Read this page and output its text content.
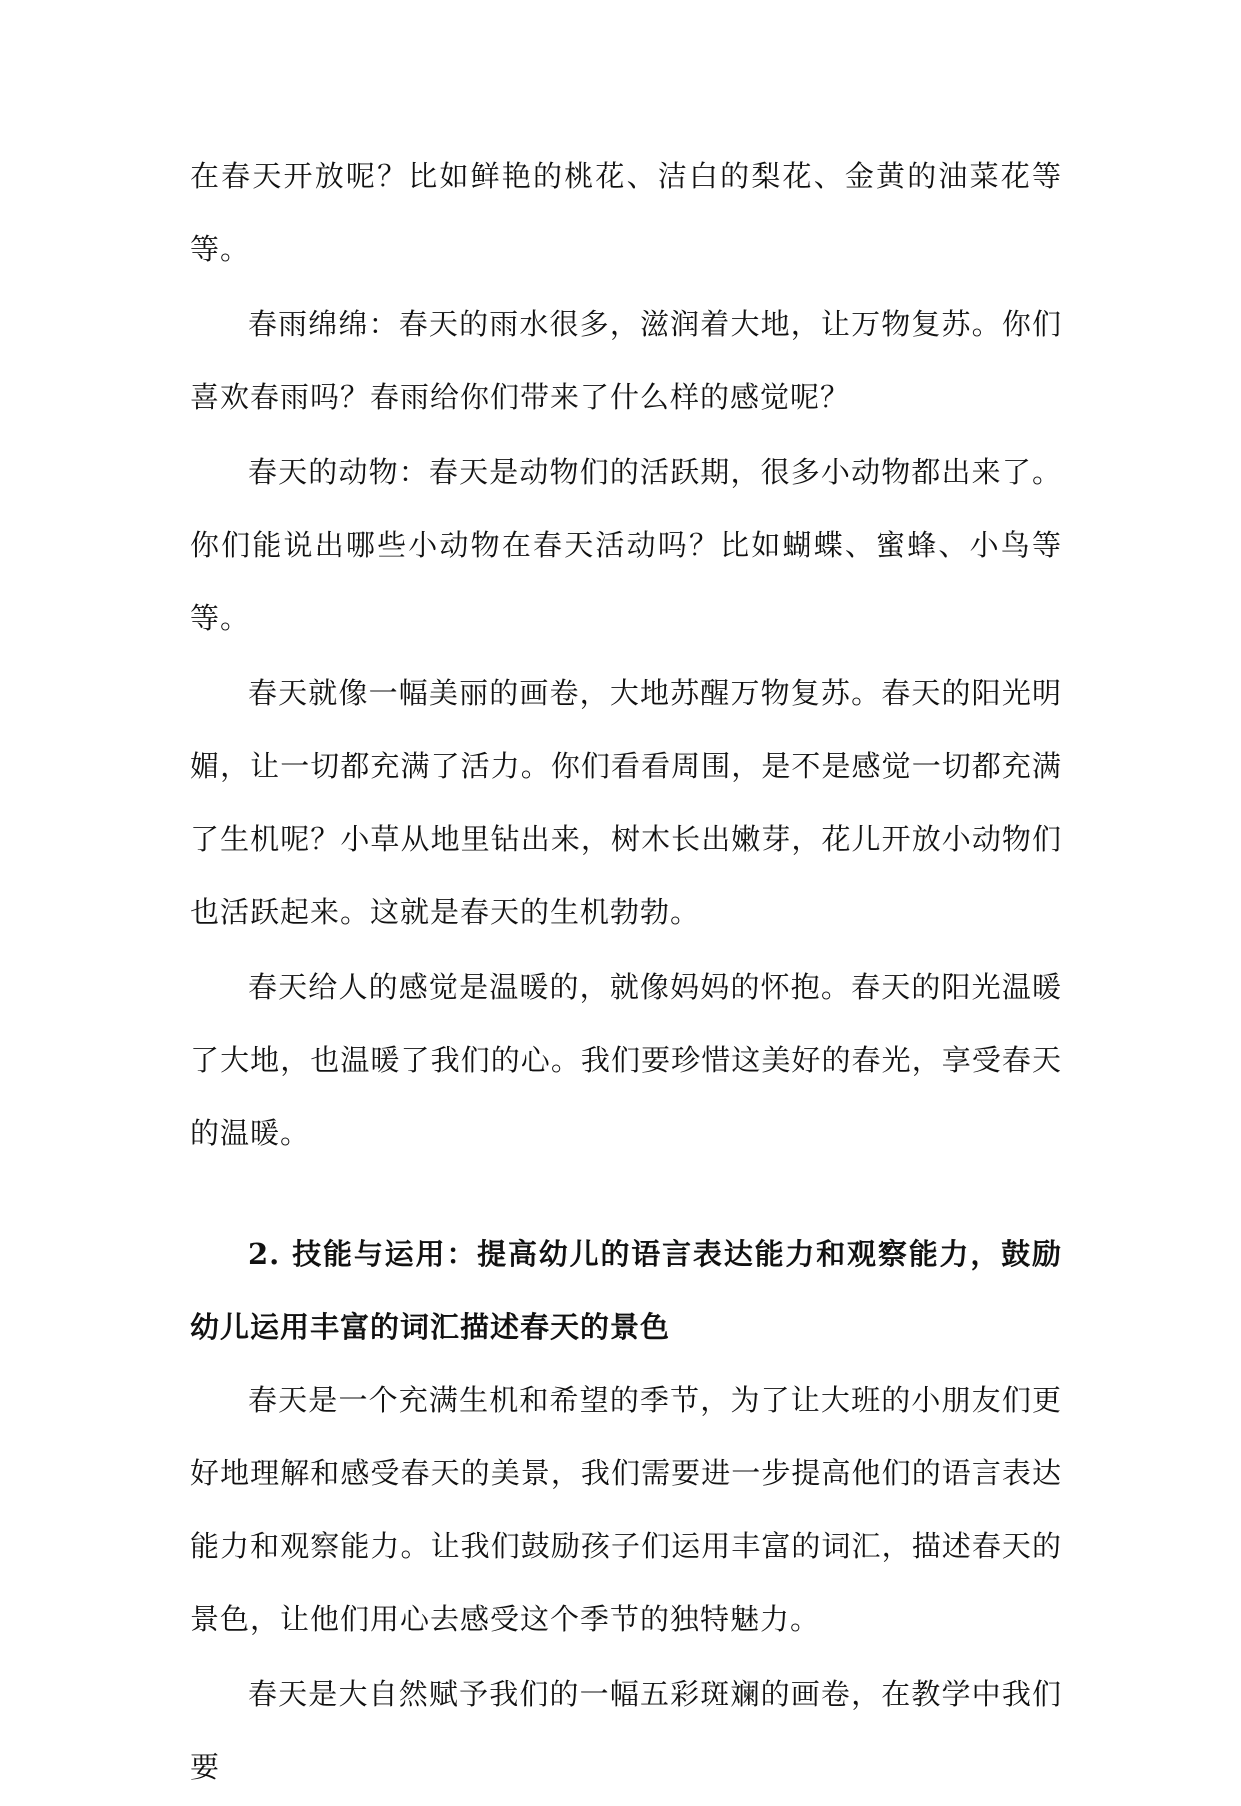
在春天开放呢？比如鲜艳的桃花、洁白的梨花、金黄的油菜花等等。

春雨绵绵：春天的雨水很多，滋润着大地，让万物复苏。你们喜欢春雨吗？春雨给你们带来了什么样的感觉呢？

春天的动物：春天是动物们的活跃期，很多小动物都出来了。你们能说出哪些小动物在春天活动吗？比如蝴蝶、蜜蜂、小鸟等等。

春天就像一幅美丽的画卷，大地苏醒万物复苏。春天的阳光明媚，让一切都充满了活力。你们看看周围，是不是感觉一切都充满了生机呢？小草从地里钻出来，树木长出嫩芽，花儿开放小动物们也活跃起来。这就是春天的生机勃勃。

春天给人的感觉是温暖的，就像妈妈的怀抱。春天的阳光温暖了大地，也温暖了我们的心。我们要珍惜这美好的春光，享受春天的温暖。

2. 技能与运用：提高幼儿的语言表达能力和观察能力，鼓励幼儿运用丰富的词汇描述春天的景色

春天是一个充满生机和希望的季节，为了让大班的小朋友们更好地理解和感受春天的美景，我们需要进一步提高他们的语言表达能力和观察能力。让我们鼓励孩子们运用丰富的词汇，描述春天的景色，让他们用心去感受这个季节的独特魅力。

春天是大自然赋予我们的一幅五彩斑斓的画卷，在教学中我们要
